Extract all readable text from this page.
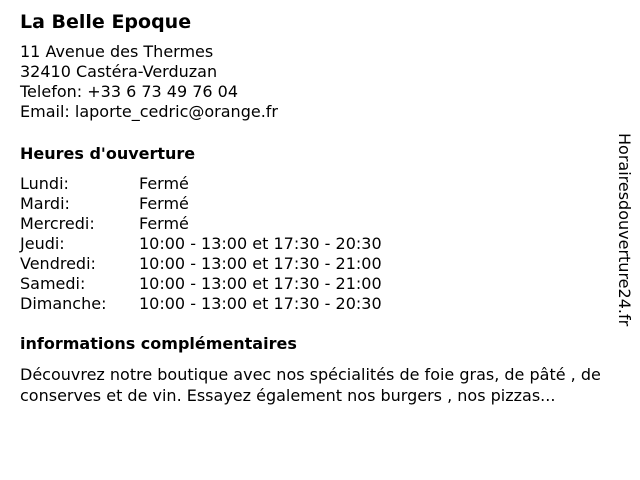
La Belle Epoque
11 Avenue des Thermes
32410 Castéra-Verduzan
Telefon: +33 6 73 49 76 04
Email: laporte_cedric@orange.fr
Heures d'ouverture
Lundi:	Fermé
Mardi:	Fermé
Mercredi:	Fermé
Jeudi:	10:00 - 13:00 et 17:30 - 20:30
Vendredi:	10:00 - 13:00 et 17:30 - 21:00
Samedi:	10:00 - 13:00 et 17:30 - 21:00
Dimanche:	10:00 - 13:00 et 17:30 - 20:30
informations complémentaires
Découvrez notre boutique avec nos spécialités de foie gras, de pâté , de conserves et de vin. Essayez également nos burgers , nos pizzas...
Horairesdouverture24.fr
